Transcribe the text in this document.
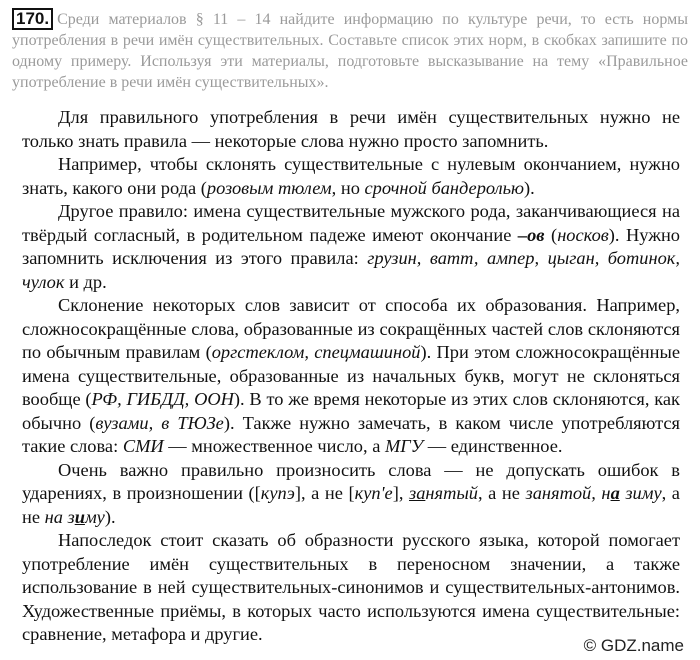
170. Среди материалов § 11 – 14 найдите информацию по культуре речи, то есть нормы употребления в речи имён существительных. Составьте список этих норм, в скобках запишите по одному примеру. Используя эти материалы, подготовьте высказывание на тему «Правильное употребление в речи имён существительных».

Для правильного употребления в речи имён существительных нужно не только знать правила — некоторые слова нужно просто запомнить.

Например, чтобы склонять существительные с нулевым окончанием, нужно знать, какого они рода (розовым тюлем, но срочной бандеролью).

Другое правило: имена существительные мужского рода, заканчивающиеся на твёрдый согласный, в родительном падеже имеют окончание –ов (носков). Нужно запомнить исключения из этого правила: грузин, ватт, ампер, цыган, ботинок, чулок и др.

Склонение некоторых слов зависит от способа их образования. Например, сложносокращённые слова, образованные из сокращённых частей слов склоняются по обычным правилам (оргстеклом, спецмашиной). При этом сложносокращённые имена существительные, образованные из начальных букв, могут не склоняться вообще (РФ, ГИБДД, ООН). В то же время некоторые из этих слов склоняются, как обычно (вузами, в ТЮЗе). Также нужно замечать, в каком числе употребляются такие слова: СМИ — множественное число, а МГУ — единственное.

Очень важно правильно произносить слова — не допускать ошибок в ударениях, в произношении ([купэ], а не [куп'е], занятый, а не занятой, на зиму, а не на зиму).

Напоследок стоит сказать об образности русского языка, которой помогает употребление имён существительных в переносном значении, а также использование в ней существительных-синонимов и существительных-антонимов. Художественные приёмы, в которых часто используются имена существительные: сравнение, метафора и другие.

© GDZ.name
